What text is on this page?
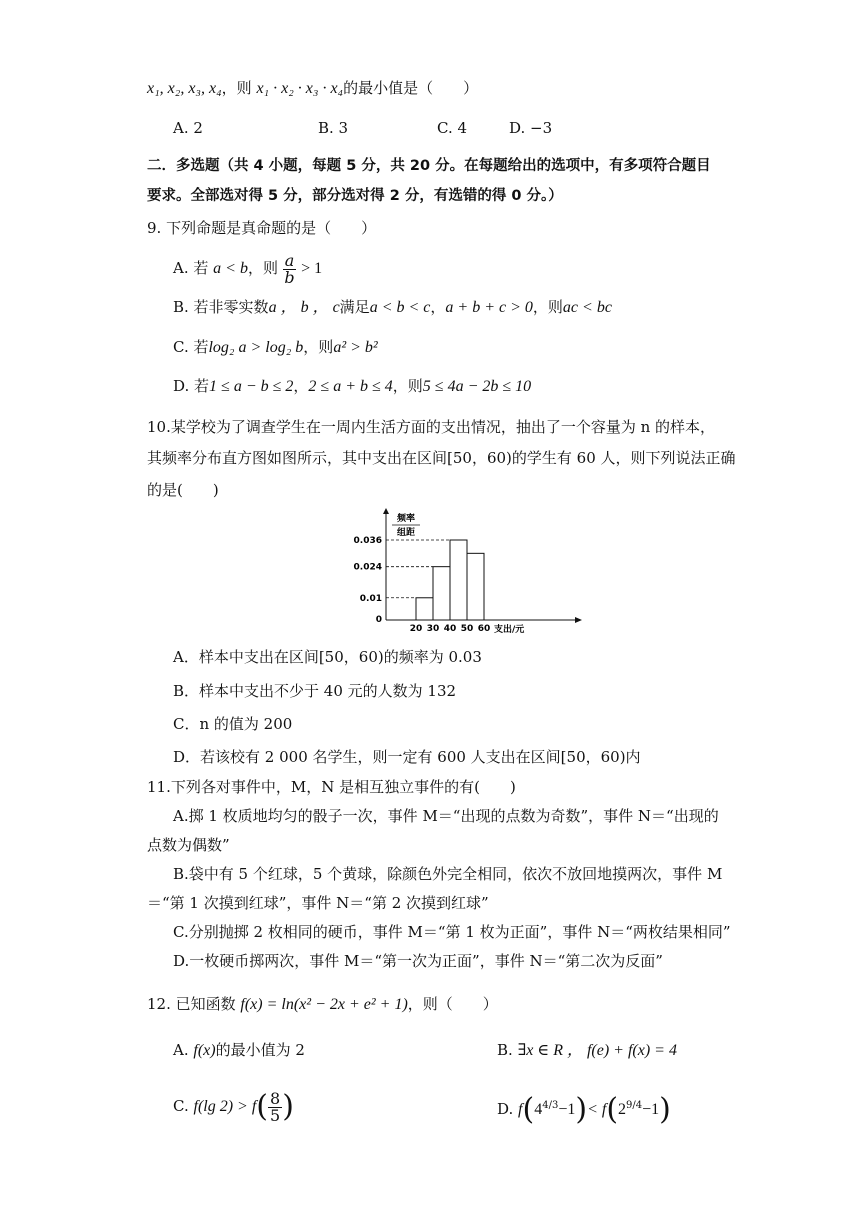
x₁, x₂, x₃, x₄，则 x₁ · x₂ · x₃ · x₄的最小值是（　　）
A. 2	B. 3	C. 4	D. −3
二．多选题（共 4 小题，每题 5 分，共 20 分。在每题给出的选项中，有多项符合题目
要求。全部选对得 5 分，部分选对得 2 分，有选错的得 0 分。）
9. 下列命题是真命题的是（　　）
A. 若 a < b，则 $\frac{a}{b} > 1$
B. 若非零实数a ， b ， c满足a < b < c，a + b + c > 0，则ac < bc
C. 若log₂ a > log₂ b，则a² > b²
D. 若1 ≤ a − b ≤ 2，2 ≤ a + b ≤ 4，则5 ≤ 4a − 2b ≤ 10
10.某学校为了调查学生在一周内生活方面的支出情况，抽出了一个容量为 n 的样本，
其频率分布直方图如图所示，其中支出在区间[50，60)的学生有 60 人，则下列说法正确
的是(　　)
频率
组距
0
0.01
0.024
0.036
20 30 40 50 60 支出/元
A．样本中支出在区间[50，60)的频率为 0.03
B．样本中支出不少于 40 元的人数为 132
C．n 的值为 200
D．若该校有 2 000 名学生，则一定有 600 人支出在区间[50，60)内
11.下列各对事件中，M，N 是相互独立事件的有(　　)
A.掷 1 枚质地均匀的骰子一次，事件 M＝“出现的点数为奇数”，事件 N＝“出现的
点数为偶数”
B.袋中有 5 个红球，5 个黄球，除颜色外完全相同，依次不放回地摸两次，事件 M
＝“第 1 次摸到红球”，事件 N＝“第 2 次摸到红球”
C.分别抛掷 2 枚相同的硬币，事件 M＝“第 1 枚为正面”，事件 N＝“两枚结果相同”
D.一枚硬币掷两次，事件 M＝“第一次为正面”，事件 N＝“第二次为反面”
12. 已知函数 f(x) = ln(x² − 2x + e² + 1)，则（　　）
A. f(x)的最小值为 2	B. ∃x ∈ R ， f(e) + f(x) = 4
C. f(lg $2) > f( \frac{8}{5}$ )	D. $f(4^{4/3}-1)< f(2^{9/4}-1)$
